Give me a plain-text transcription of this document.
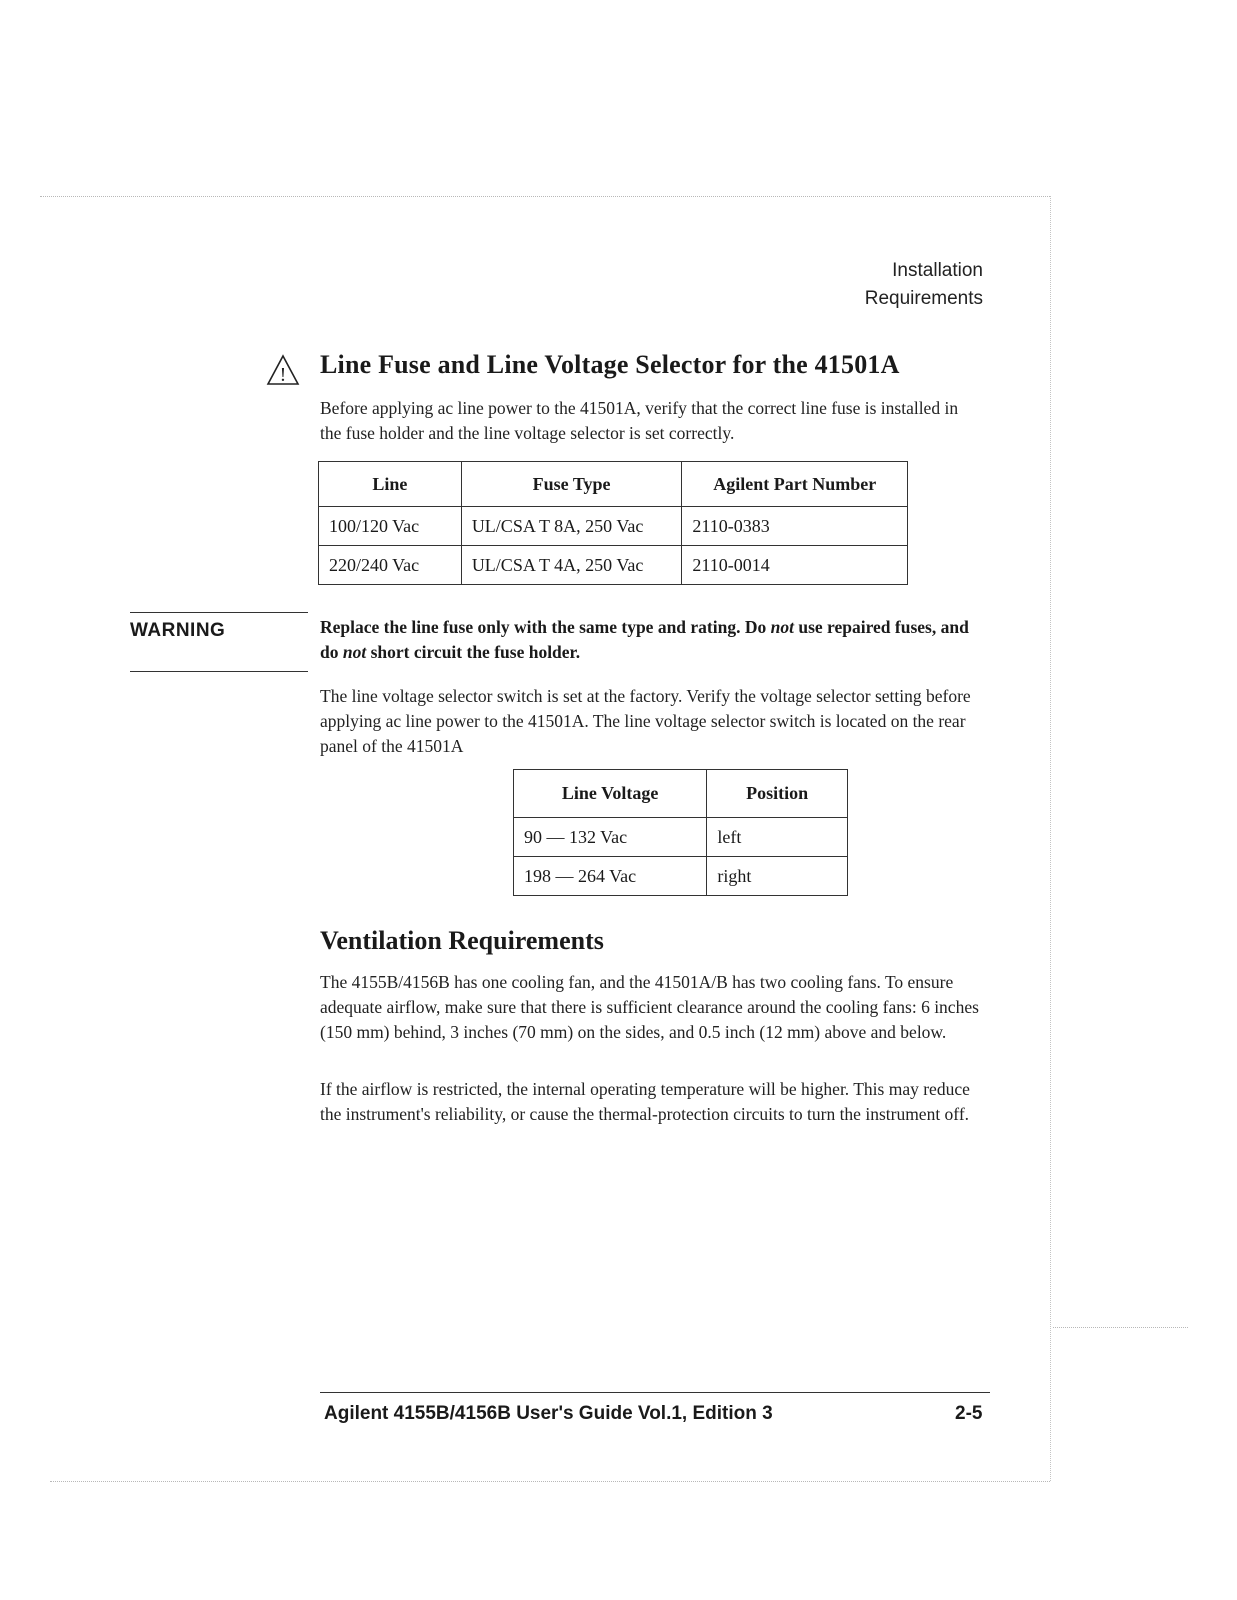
Installation
Requirements
! Line Fuse and Line Voltage Selector for the 41501A
Before applying ac line power to the 41501A, verify that the correct line fuse is installed in the fuse holder and the line voltage selector is set correctly.
Line	Fuse Type	Agilent Part Number
100/120 Vac	UL/CSA T 8A, 250 Vac	2110-0383
220/240 Vac	UL/CSA T 4A, 250 Vac	2110-0014
WARNING	Replace the line fuse only with the same type and rating. Do not use repaired fuses, and do not short circuit the fuse holder.
The line voltage selector switch is set at the factory. Verify the voltage selector setting before applying ac line power to the 41501A. The line voltage selector switch is located on the rear panel of the 41501A
Line Voltage	Position
90 — 132 Vac	left
198 — 264 Vac	right
Ventilation Requirements
The 4155B/4156B has one cooling fan, and the 41501A/B has two cooling fans. To ensure adequate airflow, make sure that there is sufficient clearance around the cooling fans: 6 inches (150 mm) behind, 3 inches (70 mm) on the sides, and 0.5 inch (12 mm) above and below.
If the airflow is restricted, the internal operating temperature will be higher. This may reduce the instrument's reliability, or cause the thermal-protection circuits to turn the instrument off.
Agilent 4155B/4156B User's Guide Vol.1, Edition 3	2-5
